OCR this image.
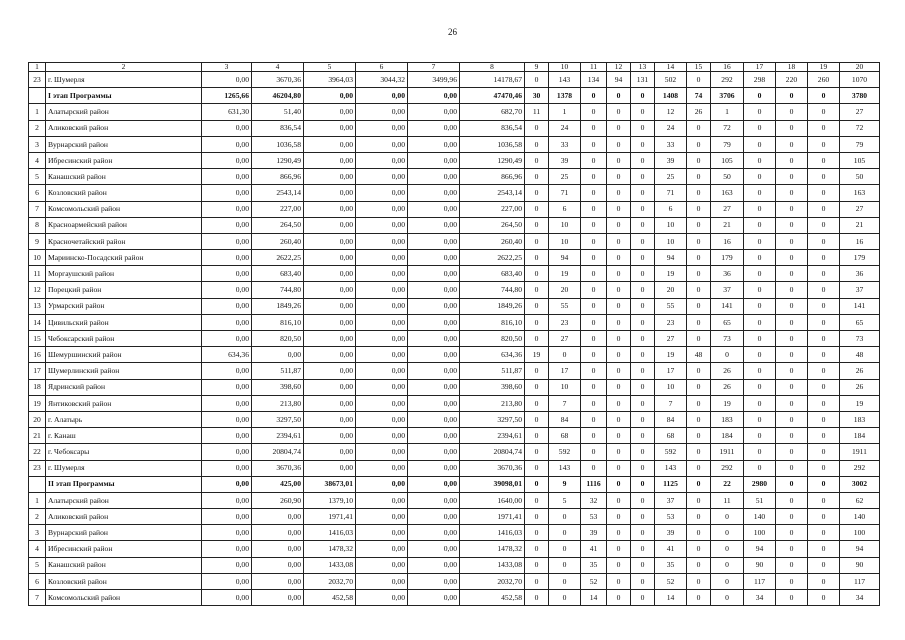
26
1	2	3	4	5	6	7	8	9	10	11	12	13	14	15	16	17	18	19	20
23	г. Шумерля	0,00	3670,36	3964,03	3044,32	3499,96	14178,67	0	143	134	94	131	502	0	292	298	220	260	1070
	I этап Программы	1265,66	46204,80	0,00	0,00	0,00	47470,46	30	1378	0	0	0	1408	74	3706	0	0	0	3780
1	Алатырский район	631,30	51,40	0,00	0,00	0,00	682,70	11	1	0	0	0	12	26	1	0	0	0	27
2	Аликовский район	0,00	836,54	0,00	0,00	0,00	836,54	0	24	0	0	0	24	0	72	0	0	0	72
3	Вурнарский район	0,00	1036,58	0,00	0,00	0,00	1036,58	0	33	0	0	0	33	0	79	0	0	0	79
4	Ибресинский район	0,00	1290,49	0,00	0,00	0,00	1290,49	0	39	0	0	0	39	0	105	0	0	0	105
5	Канашский район	0,00	866,96	0,00	0,00	0,00	866,96	0	25	0	0	0	25	0	50	0	0	0	50
6	Козловский район	0,00	2543,14	0,00	0,00	0,00	2543,14	0	71	0	0	0	71	0	163	0	0	0	163
7	Комсомольский район	0,00	227,00	0,00	0,00	0,00	227,00	0	6	0	0	0	6	0	27	0	0	0	27
8	Красноармейский район	0,00	264,50	0,00	0,00	0,00	264,50	0	10	0	0	0	10	0	21	0	0	0	21
9	Красночетайский район	0,00	260,40	0,00	0,00	0,00	260,40	0	10	0	0	0	10	0	16	0	0	0	16
10	Мариинско-Посадский район	0,00	2622,25	0,00	0,00	0,00	2622,25	0	94	0	0	0	94	0	179	0	0	0	179
11	Моргаушский район	0,00	683,40	0,00	0,00	0,00	683,40	0	19	0	0	0	19	0	36	0	0	0	36
12	Порецкий район	0,00	744,80	0,00	0,00	0,00	744,80	0	20	0	0	0	20	0	37	0	0	0	37
13	Урмарский район	0,00	1849,26	0,00	0,00	0,00	1849,26	0	55	0	0	0	55	0	141	0	0	0	141
14	Цивильский район	0,00	816,10	0,00	0,00	0,00	816,10	0	23	0	0	0	23	0	65	0	0	0	65
15	Чебоксарский район	0,00	820,50	0,00	0,00	0,00	820,50	0	27	0	0	0	27	0	73	0	0	0	73
16	Шемуршинский район	634,36	0,00	0,00	0,00	0,00	634,36	19	0	0	0	0	19	48	0	0	0	0	48
17	Шумерлинский район	0,00	511,87	0,00	0,00	0,00	511,87	0	17	0	0	0	17	0	26	0	0	0	26
18	Ядринский район	0,00	398,60	0,00	0,00	0,00	398,60	0	10	0	0	0	10	0	26	0	0	0	26
19	Янтиковский район	0,00	213,80	0,00	0,00	0,00	213,80	0	7	0	0	0	7	0	19	0	0	0	19
20	г. Алатырь	0,00	3297,50	0,00	0,00	0,00	3297,50	0	84	0	0	0	84	0	183	0	0	0	183
21	г. Канаш	0,00	2394,61	0,00	0,00	0,00	2394,61	0	68	0	0	0	68	0	184	0	0	0	184
22	г. Чебоксары	0,00	20804,74	0,00	0,00	0,00	20804,74	0	592	0	0	0	592	0	1911	0	0	0	1911
23	г. Шумерля	0,00	3670,36	0,00	0,00	0,00	3670,36	0	143	0	0	0	143	0	292	0	0	0	292
	II этап Программы	0,00	425,00	38673,01	0,00	0,00	39098,01	0	9	1116	0	0	1125	0	22	2980	0	0	3002
1	Алатырский район	0,00	260,90	1379,10	0,00	0,00	1640,00	0	5	32	0	0	37	0	11	51	0	0	62
2	Аликовский район	0,00	0,00	1971,41	0,00	0,00	1971,41	0	0	53	0	0	53	0	0	140	0	0	140
3	Вурнарский район	0,00	0,00	1416,03	0,00	0,00	1416,03	0	0	39	0	0	39	0	0	100	0	0	100
4	Ибресинский район	0,00	0,00	1478,32	0,00	0,00	1478,32	0	0	41	0	0	41	0	0	94	0	0	94
5	Канашский район	0,00	0,00	1433,08	0,00	0,00	1433,08	0	0	35	0	0	35	0	0	90	0	0	90
6	Козловский район	0,00	0,00	2032,70	0,00	0,00	2032,70	0	0	52	0	0	52	0	0	117	0	0	117
7	Комсомольский район	0,00	0,00	452,58	0,00	0,00	452,58	0	0	14	0	0	14	0	0	34	0	0	34
